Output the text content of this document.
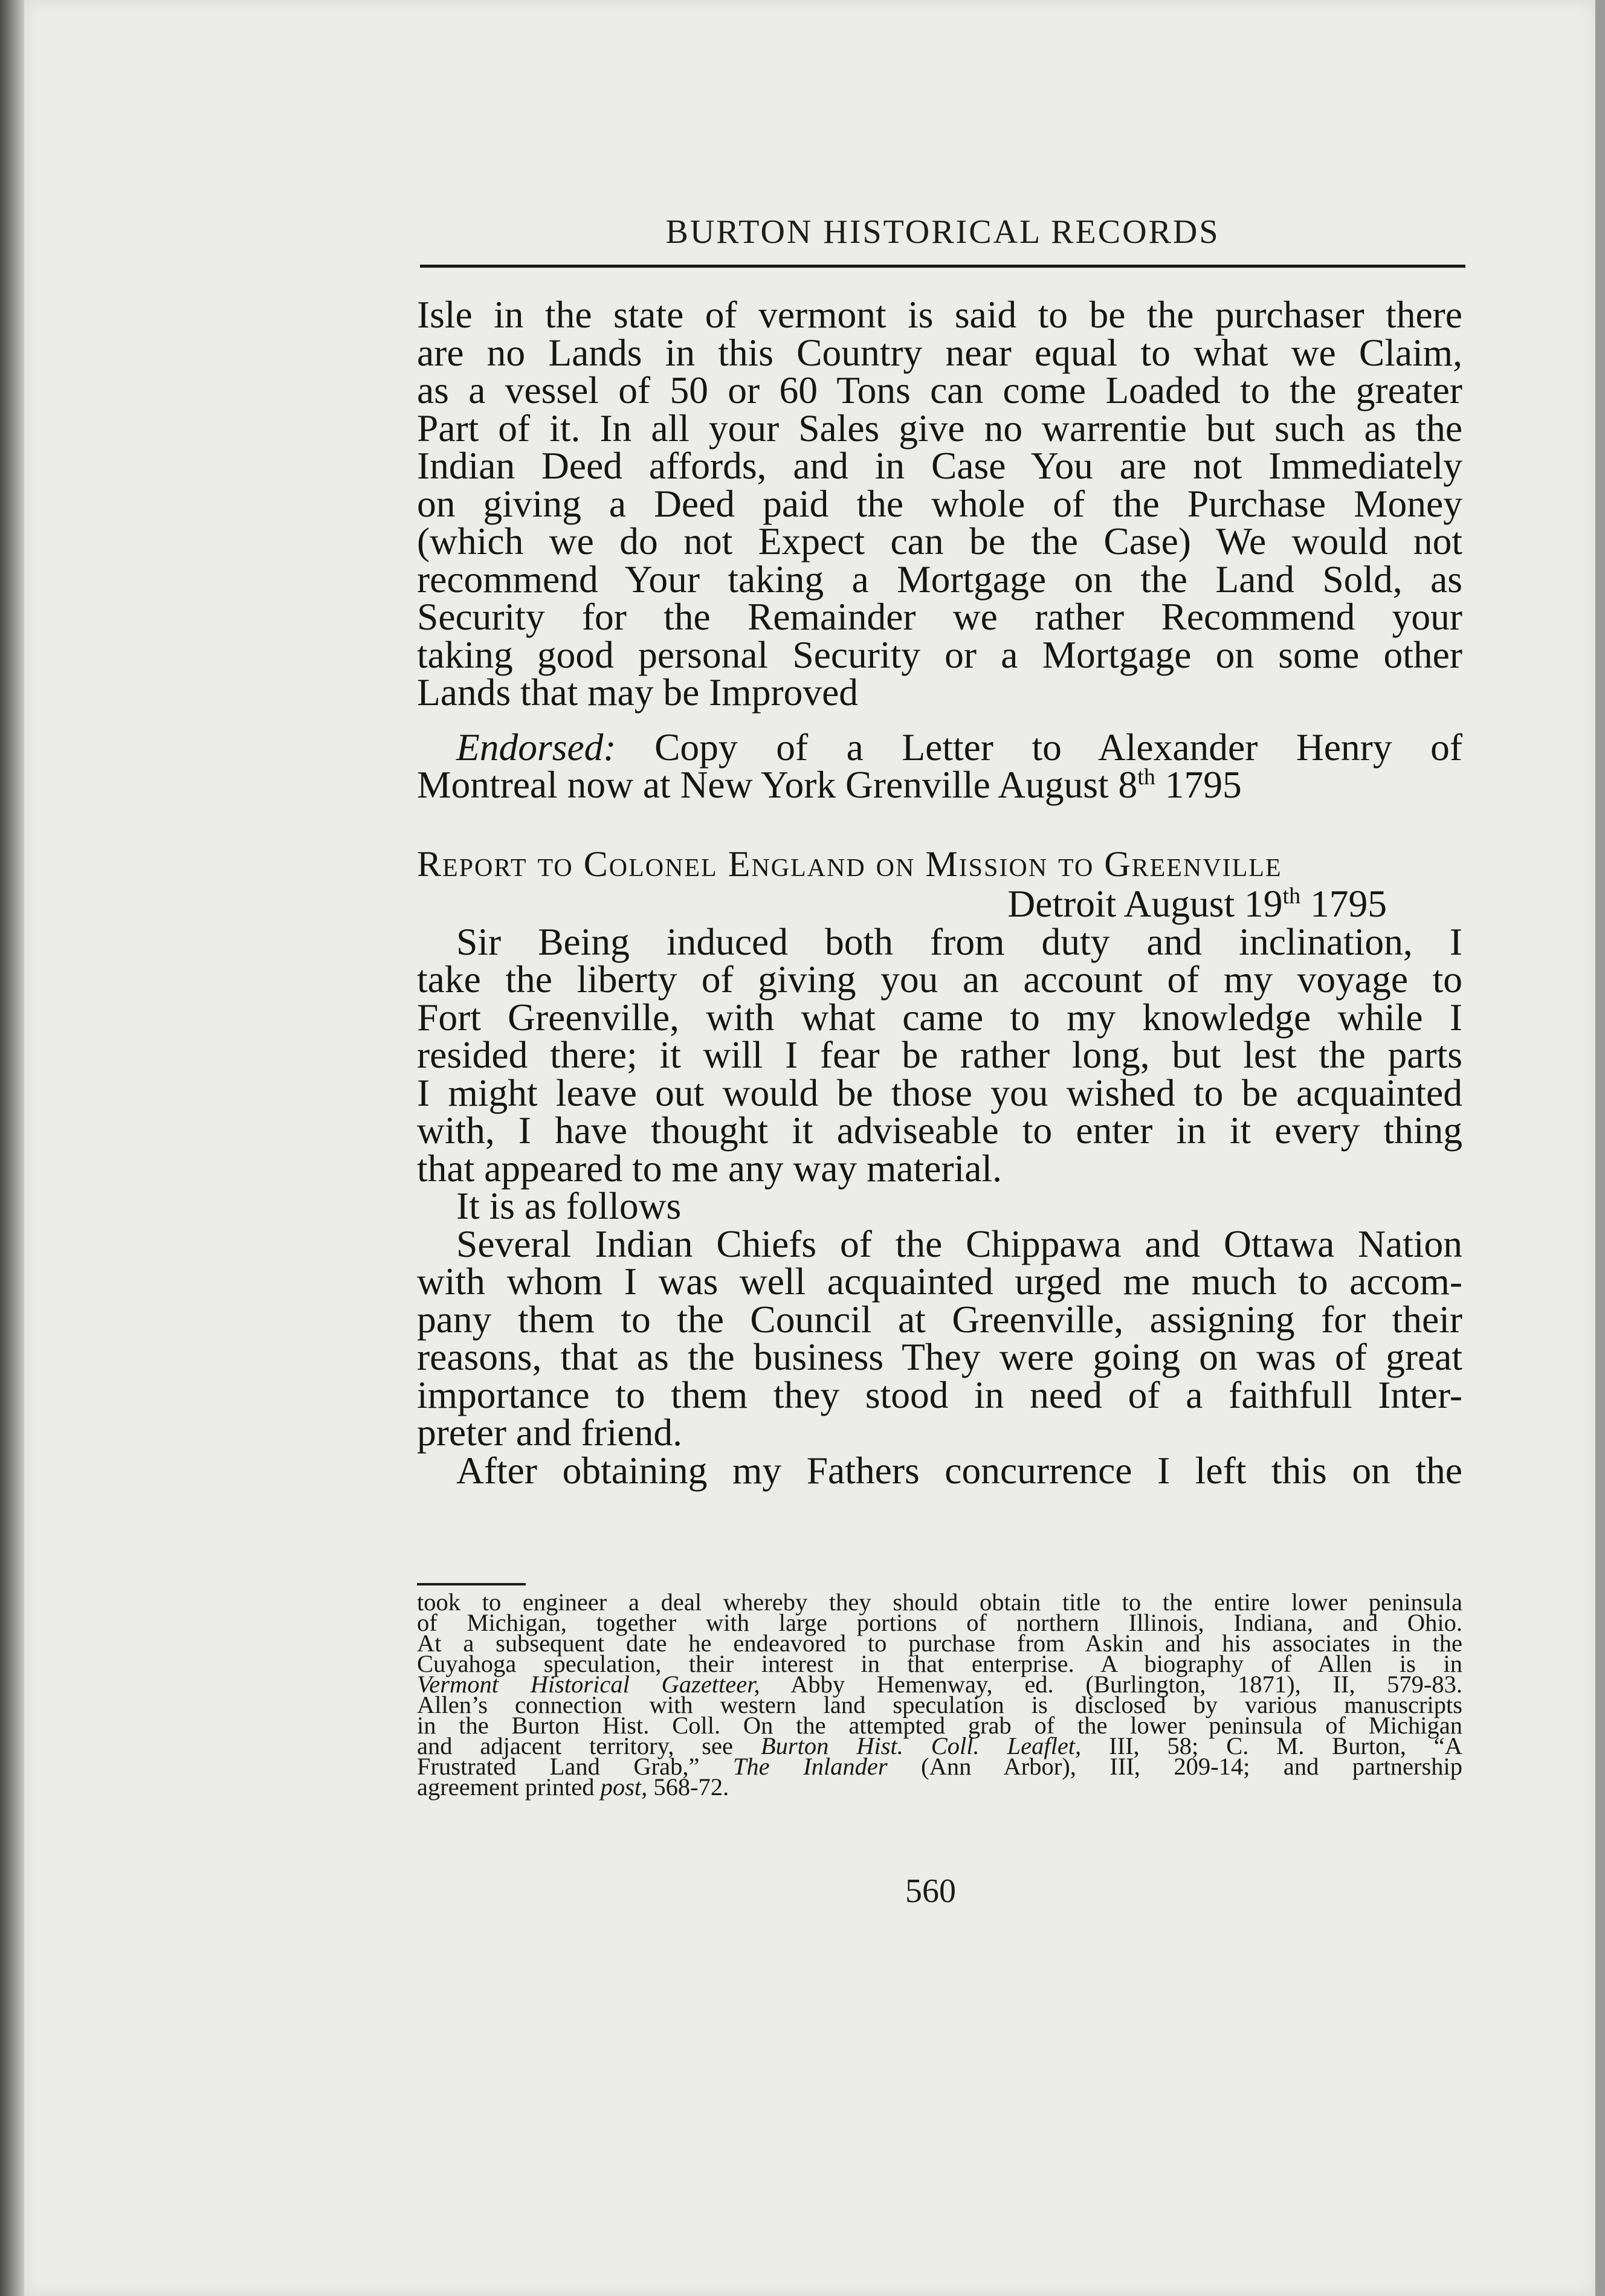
BURTON HISTORICAL RECORDS

Isle in the state of vermont is said to be the purchaser there
are no Lands in this Country near equal to what we Claim,
as a vessel of 50 or 60 Tons can come Loaded to the greater
Part of it. In all your Sales give no warrentie but such as the
Indian Deed affords, and in Case You are not Immediately
on giving a Deed paid the whole of the Purchase Money
(which we do not Expect can be the Case) We would not
recommend Your taking a Mortgage on the Land Sold, as
Security for the Remainder we rather Recommend your
taking good personal Security or a Mortgage on some other
Lands that may be Improved

Endorsed: Copy of a Letter to Alexander Henry of
Montreal now at New York Grenville August 8th 1795

Report to Colonel England on Mission to Greenville
Detroit August 19th 1795

Sir Being induced both from duty and inclination, I
take the liberty of giving you an account of my voyage to
Fort Greenville, with what came to my knowledge while I
resided there; it will I fear be rather long, but lest the parts
I might leave out would be those you wished to be acquainted
with, I have thought it adviseable to enter in it every thing
that appeared to me any way material.

It is as follows

Several Indian Chiefs of the Chippawa and Ottawa Nation
with whom I was well acquainted urged me much to accom-
pany them to the Council at Greenville, assigning for their
reasons, that as the business They were going on was of great
importance to them they stood in need of a faithfull Inter-
preter and friend.

After obtaining my Fathers concurrence I left this on the

took to engineer a deal whereby they should obtain title to the entire lower peninsula
of Michigan, together with large portions of northern Illinois, Indiana, and Ohio.
At a subsequent date he endeavored to purchase from Askin and his associates in the
Cuyahoga speculation, their interest in that enterprise. A biography of Allen is in
Vermont Historical Gazetteer, Abby Hemenway, ed. (Burlington, 1871), II, 579-83.
Allen’s connection with western land speculation is disclosed by various manuscripts
in the Burton Hist. Coll. On the attempted grab of the lower peninsula of Michigan
and adjacent territory, see Burton Hist. Coll. Leaflet, III, 58; C. M. Burton, “A
Frustrated Land Grab,” The Inlander (Ann Arbor), III, 209-14; and partnership
agreement printed post, 568-72.
560
